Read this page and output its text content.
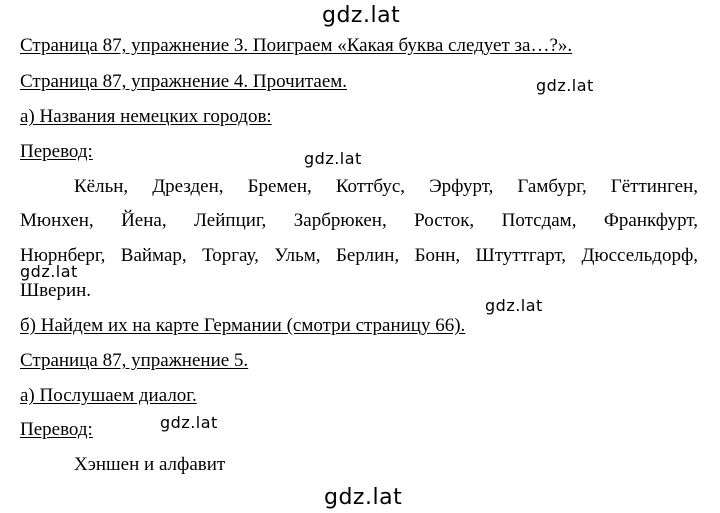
gdz.lat
gdz.lat
gdz.lat
gdz.lat
gdz.lat
gdz.lat
gdz.lat
Страница 87, упражнение 3. Поиграем «Какая буква следует за…?».
Страница 87, упражнение 4. Прочитаем.
а) Названия немецких городов:
Перевод:
Кёльн, Дрезден, Бремен, Коттбус, Эрфурт, Гамбург, Гёттинген,
Мюнхен, Йена, Лейпциг, Зарбрюкен, Росток, Потсдам, Франкфурт,
Нюрнберг, Ваймар, Торгау, Ульм, Берлин, Бонн, Штуттгарт, Дюссельдорф,
Шверин.
б) Найдем их на карте Германии (смотри страницу 66).
Страница 87, упражнение 5.
а) Послушаем диалог.
Перевод:
Хэншен и алфавит
